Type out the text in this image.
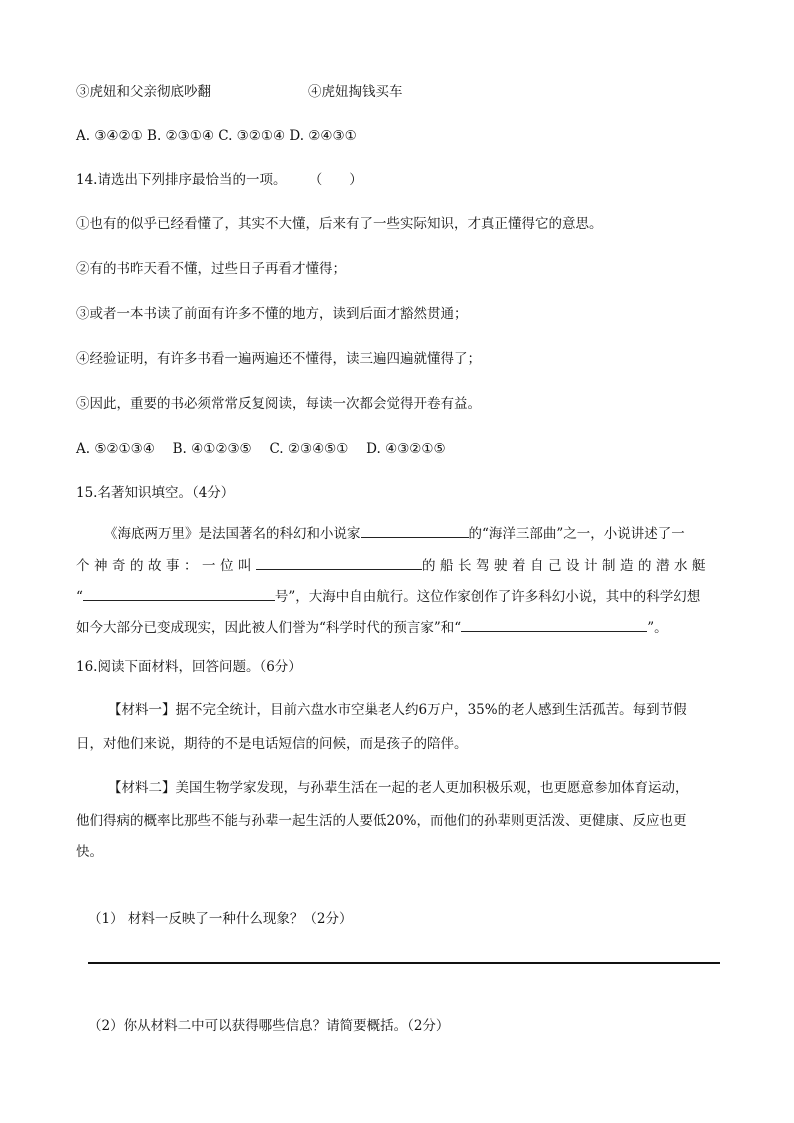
③虎妞和父亲彻底吵翻	④虎妞掏钱买车
A. ③④②① B. ②③①④ C. ③②①④ D. ②④③①
14.请选出下列排序最恰当的一项。 （　　）
①也有的似乎已经看懂了，其实不大懂，后来有了一些实际知识，才真正懂得它的意思。
②有的书昨天看不懂，过些日子再看才懂得；
③或者一本书读了前面有许多不懂的地方，读到后面才豁然贯通；
④经验证明，有许多书看一遍两遍还不懂得，读三遍四遍就懂得了；
⑤因此，重要的书必须常常反复阅读，每读一次都会觉得开卷有益。
A. ⑤②①③④　 B. ④①②③⑤　 C. ②③④⑤①　 D. ④③②①⑤
15.名著知识填空。（4分）
《海底两万里》是法国著名的科幻和小说家	的“海洋三部曲”之一，小说讲述了一
个神奇的故事：一位叫	的船长驾驶着自己设计制造的潜水艇
“	号”，大海中自由航行。这位作家创作了许多科幻小说，其中的科学幻想
如今大部分已变成现实，因此被人们誉为“科学时代的预言家”和“	”。
16.阅读下面材料，回答问题。（6分）
【材料一】据不完全统计，目前六盘水市空巢老人约6万户，35%的老人感到生活孤苦。每到节假
日，对他们来说，期待的不是电话短信的问候，而是孩子的陪伴。
【材料二】美国生物学家发现，与孙辈生活在一起的老人更加积极乐观，也更愿意参加体育运动，
他们得病的概率比那些不能与孙辈一起生活的人要低20%，而他们的孙辈则更活泼、更健康、反应也更
快。
（1） 材料一反映了一种什么现象？（2分）
（2）你从材料二中可以获得哪些信息？请简要概括。（2分）
